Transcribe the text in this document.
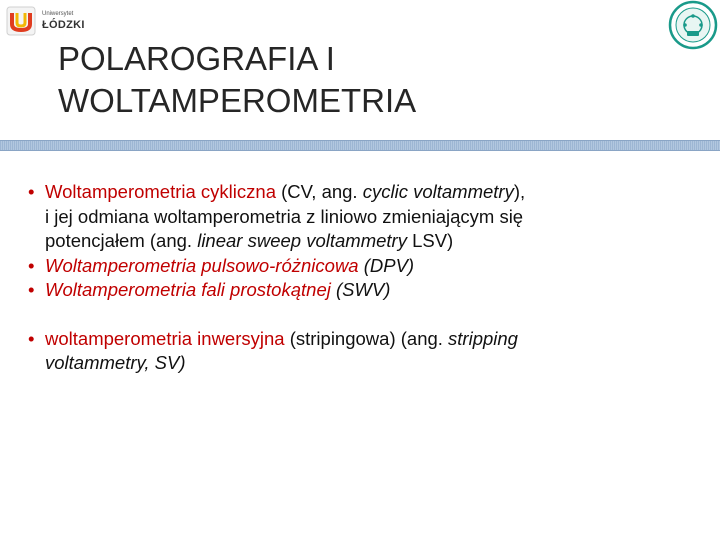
Uniwersytet
ŁÓDZKI
POLAROGRAFIA I
WOLTAMPEROMETRIA
• Woltamperometria cykliczna (CV, ang. cyclic voltammetry),
i jej odmiana woltamperometria z liniowo zmieniającym się
potencjałem (ang. linear sweep voltammetry LSV)
• Woltamperometria pulsowo-różnicowa (DPV)
• Woltamperometria fali prostokątnej (SWV)
• woltamperometria inwersyjna (stripingowa) (ang. stripping
voltammetry, SV)
